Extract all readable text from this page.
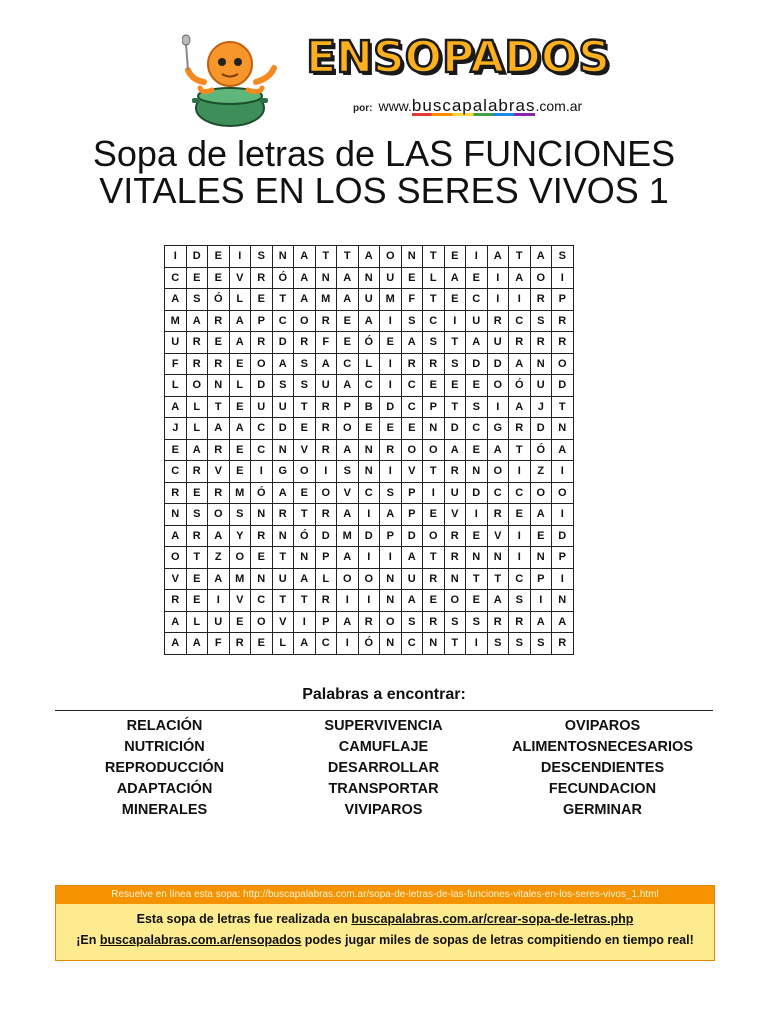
ENSOPADOS
por: www.buscapalabras.com.ar
Sopa de letras de LAS FUNCIONES
VITALES EN LOS SERES VIVOS 1
I	D	E	I	S	N	A	T	T	A	O	N	T	E	I	A	T	A	S
C	E	E	V	R	Ó	A	N	A	N	U	E	L	A	E	I	A	O	I
A	S	Ó	L	E	T	A	M	A	U	M	F	T	E	C	I	I	R	P
M	A	R	A	P	C	O	R	E	A	I	S	C	I	U	R	C	S	R
U	R	E	A	R	D	R	F	E	Ó	E	A	S	T	A	U	R	R	R
F	R	R	E	O	A	S	A	C	L	I	R	R	S	D	D	A	N	O
L	O	N	L	D	S	S	U	A	C	I	C	E	E	E	O	Ó	U	D
A	L	T	E	U	U	T	R	P	B	D	C	P	T	S	I	A	J	T
J	L	A	A	C	D	E	R	O	E	E	E	N	D	C	G	R	D	N
E	A	R	E	C	N	V	R	A	N	R	O	O	A	E	A	T	Ó	A
C	R	V	E	I	G	O	I	S	N	I	V	T	R	N	O	I	Z	I
R	E	R	M	Ó	A	E	O	V	C	S	P	I	U	D	C	C	O	O
N	S	O	S	N	R	T	R	A	I	A	P	E	V	I	R	E	A	I
A	R	A	Y	R	N	Ó	D	M	D	P	D	O	R	E	V	I	E	D
O	T	Z	O	E	T	N	P	A	I	I	A	T	R	N	N	I	N	P
V	E	A	M	N	U	A	L	O	O	N	U	R	N	T	T	C	P	I
R	E	I	V	C	T	T	R	I	I	N	A	E	O	E	A	S	I	N
A	L	U	E	O	V	I	P	A	R	O	S	R	S	S	R	R	A	A
A	A	F	R	E	L	A	C	I	Ó	N	C	N	T	I	S	S	S	R
Palabras a encontrar:
RELACIÓN
NUTRICIÓN
REPRODUCCIÓN
ADAPTACIÓN
MINERALES
SUPERVIVENCIA
CAMUFLAJE
DESARROLLAR
TRANSPORTAR
VIVIPAROS
OVIPAROS
ALIMENTOSNECESARIOS
DESCENDIENTES
FECUNDACION
GERMINAR
Resuelve en línea esta sopa: http://buscapalabras.com.ar/sopa-de-letras-de-las-funciones-vitales-en-los-seres-vivos_1.html
Esta sopa de letras fue realizada en buscapalabras.com.ar/crear-sopa-de-letras.php
¡En buscapalabras.com.ar/ensopados podes jugar miles de sopas de letras compitiendo en tiempo real!
